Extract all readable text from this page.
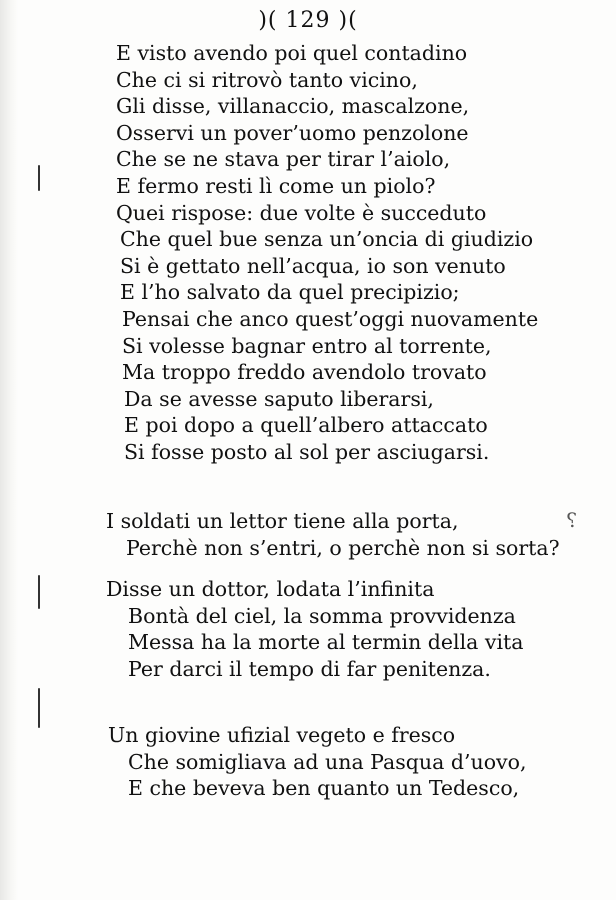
)( 129 )(
E visto avendo poi quel contadino
Che ci si ritrovò tanto vicino,
Gli disse, villanaccio, mascalzone,
Osservi un pover’uomo penzolone
Che se ne stava per tirar l’aiolo,
E fermo resti lì come un piolo?
Quei rispose: due volte è succeduto
Che quel bue senza un’oncia di giudizio
Si è gettato nell’acqua, io son venuto
E l’ho salvato da quel precipizio;
Pensai che anco quest’oggi nuovamente
Si volesse bagnar entro al torrente,
Ma troppo freddo avendolo trovato
Da se avesse saputo liberarsi,
E poi dopo a quell’albero attaccato
Si fosse posto al sol per asciugarsi.
I soldati un lettor tiene alla porta,
Perchè non s’entri, o perchè non si sorta?
Disse un dottor, lodata l’infinita
Bontà del ciel, la somma provvidenza
Messa ha la morte al termin della vita
Per darci il tempo di far penitenza.
Un giovine ufizial vegeto e fresco
Che somigliava ad una Pasqua d’uovo,
E che beveva ben quanto un Tedesco,
⸮
